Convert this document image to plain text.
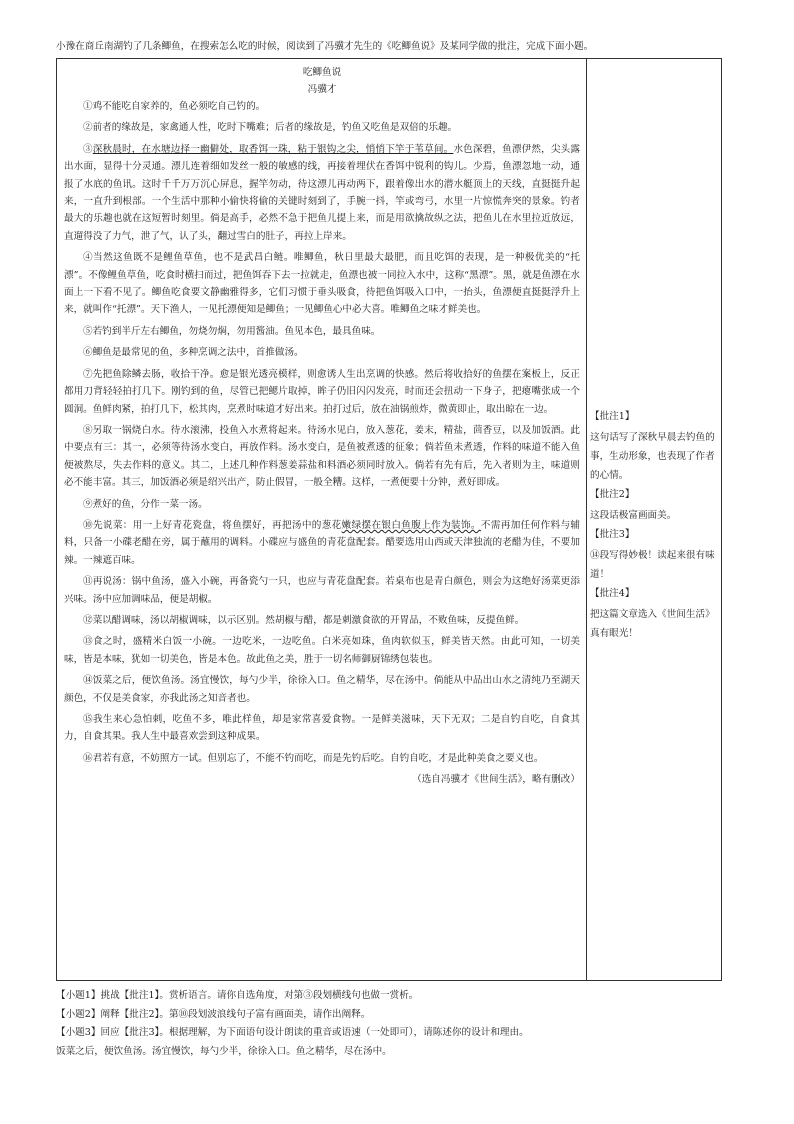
小豫在商丘南湖钓了几条鲫鱼，在搜索怎么吃的时候，阅读到了冯骥才先生的《吃鲫鱼说》及某同学做的批注，完成下面小题。
吃鲫鱼说
冯骥才

①鸡不能吃自家养的，鱼必须吃自己钓的。

②前者的缘故是，家禽通人性，吃时下嘴难；后者的缘故是，钓鱼又吃鱼是双倍的乐趣。

③深秋晨时，在水塘边择一幽僻处，取香饵一珠，粘于银钩之尖，悄悄下竿于苇草间。水色深碧，鱼漂伊然，尖头露出水面，显得十分灵通。漂儿连着细如发丝一般的敏感的线，再接着埋伏在香饵中锐利的钩儿。少焉，鱼漂忽地一动，通报了水底的鱼讯。这时千千万万沉心屏息，握竿勿动，待这漂儿再动两下，跟着像出水的潜水艇顶上的天线，直挺挺升起来，一直升到根部。一个生活中那种小偷快将偷的关键时刻到了，手腕一抖，竿或弯弓，水里一片惊慌奔突的景象。钓者最大的乐趣也就在这短暂时刻里。倘是高手，必然不急于把鱼儿提上来，而是用欲擒故纵之法，把鱼儿在水里拉近放远，直遛得没了力气，泄了气，认了头，翻过雪白的肚子，再拉上岸来。

④当然这鱼既不是鲤鱼草鱼，也不是武昌白鲢。唯鲫鱼，秋日里最大最肥，而且吃饵的表现，是一种极优美的“托漂”。不像鲤鱼草鱼，吃食时横扫而过，把鱼饵吞下去一拉就走，鱼漂也被一同拉入水中，这称“黑漂”。黑，就是鱼漂在水面上一下看不见了。鲫鱼吃食要文静幽雅得多，它们习惯于垂头吸食，待把鱼饵吸入口中，一抬头，鱼漂便直挺挺浮升上来，就叫作“托漂”。天下渔人，一见托漂便知是鲫鱼；一见鲫鱼心中必大喜。唯鲫鱼之味才鲜美也。

⑤若钓到半斤左右鲫鱼，勿烧勿焖，勿用酱油。鱼见本色，最具鱼味。

⑥鲫鱼是最常见的鱼，多种烹调之法中，首推做汤。

⑦先把鱼除鳞去肠，收拾干净。愈是银光透亮模样，则愈诱人生出烹调的快感。然后将收拾好的鱼摆在案板上，反正都用刀背轻轻拍打几下。刚钓到的鱼，尽管已把鳃片取掉，眸子仍旧闪闪发亮，时而还会扭动一下身子，把瘪嘴张成一个圆洞。鱼鲜肉紧，拍打几下，松其肉，烹煮时味道才好出来。拍打过后，放在油锅煎炸，微黄即止，取出晾在一边。

⑧另取一锅烧白水。待水滚沸，投鱼入水煮将起来。待汤水见白，放入葱花，姜末，精盐，茴香豆，以及加饭酒。此中要点有三：其一，必须等待汤水变白，再放作料。汤水变白，是鱼被煮透的征象；倘若鱼未煮透，作料的味道不能入鱼便被熬尽，失去作料的意义。其二，上述几种作料葱姜蒜盐和料酒必须同时放入。倘若有先有后，先入者则为主，味道则必不能丰富。其三，加饭酒必须是绍兴出产，防止假冒，一般全糟。这样，一煮便要十分钟，煮好即成。

⑨煮好的鱼，分作一菜一汤。

⑩先说菜：用一上好青花瓷盘，将鱼摆好，再把汤中的葱花嫩绿摆在银白鱼腹上作为装饰。不需再加任何作料与辅料，只备一小碟老醋在旁，属于蘸用的调料。小碟应与盛鱼的青花盘配套。醋要选用山西或天津独流的老醋为佳，不要加辣。一辣遮百味。

⑪再说汤：锅中鱼汤，盛入小碗，再备瓷勺一只，也应与青花盘配套。若桌布也是青白颜色，则会为这绝好汤菜更添兴味。汤中应加调味品，便是胡椒。

⑫菜以醋调味，汤以胡椒调味，以示区别。然胡椒与醋，都是刺激食欲的开胃品，不败鱼味，反提鱼鲜。

⑬食之时，盛精米白饭一小碗。一边吃米，一边吃鱼。白米亮如珠，鱼肉软似玉，鲜美皆天然。由此可知，一切美味，皆是本味，犹如一切美色，皆是本色。故此鱼之美，胜于一切名师御厨锦绣包装也。

⑭饭菜之后，便饮鱼汤。汤宜慢饮，每勺少半，徐徐入口。鱼之精华，尽在汤中。倘能从中品出山水之清纯乃至湖天颜色，不仅是美食家，亦我此汤之知音者也。

⑮我生来心急怕刺，吃鱼不多，唯此样鱼，却是家常喜爱食物。一是鲜美滋味，天下无双；二是自钓自吃，自食其力，自食其果。我人生中最喜欢尝到这种成果。

⑯君若有意，不妨照方一试。但别忘了，不能不钓而吃，而是先钓后吃。自钓自吃，才是此种美食之要义也。

（选自冯骥才《世间生活》，略有删改）
【批注1】
这句话写了深秋早晨去钓鱼的事，生动形象，也表现了作者的心情。
【批注2】
这段话极富画面美。
【批注3】
⑭段写得妙极！读起来很有味道！
【批注4】
把这篇文章选入《世间生活》真有眼光！
【小题1】挑战【批注1】。赏析语言。请你自选角度，对第③段划横线句也做一赏析。
【小题2】阐释【批注2】。第⑩段划波浪线句子富有画面美，请作出阐释。
【小题3】回应【批注3】。根据理解，为下面语句设计朗读的重音或语速（一处即可），请陈述你的设计和理由。
饭菜之后，便饮鱼汤。汤宜慢饮，每勺少半，徐徐入口。鱼之精华，尽在汤中。
